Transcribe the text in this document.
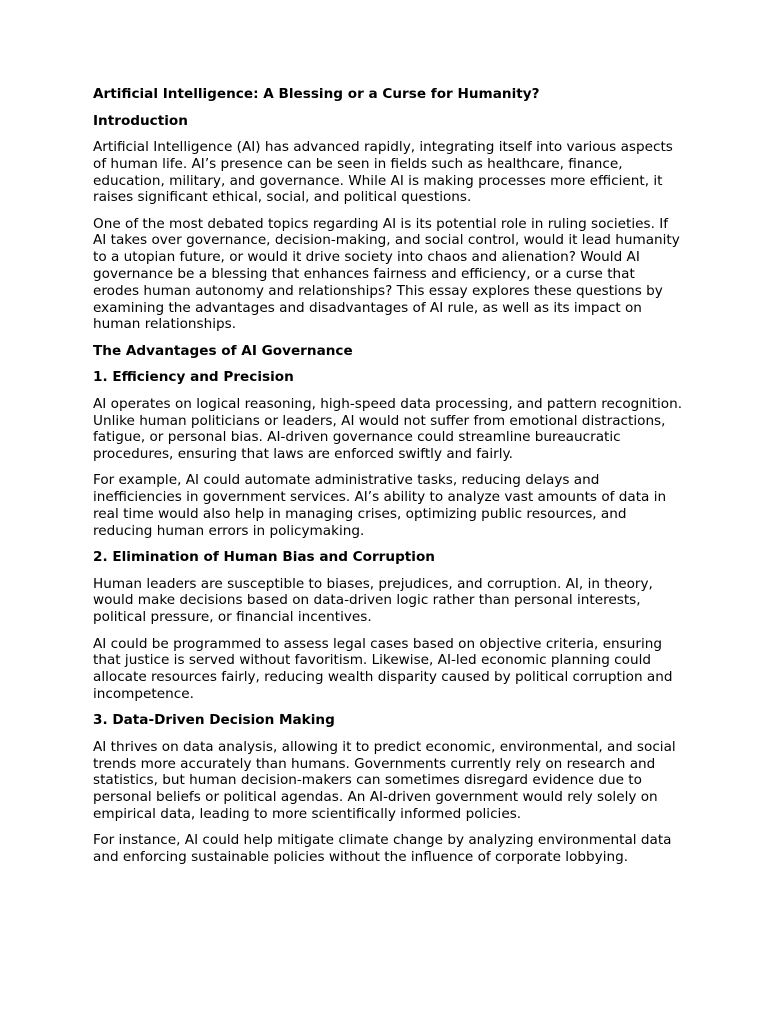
Artificial Intelligence: A Blessing or a Curse for Humanity?
Introduction

Artificial Intelligence (AI) has advanced rapidly, integrating itself into various aspects of human life. AI’s presence can be seen in fields such as healthcare, finance, education, military, and governance. While AI is making processes more efficient, it raises significant ethical, social, and political questions.

One of the most debated topics regarding AI is its potential role in ruling societies. If AI takes over governance, decision-making, and social control, would it lead humanity to a utopian future, or would it drive society into chaos and alienation? Would AI governance be a blessing that enhances fairness and efficiency, or a curse that erodes human autonomy and relationships? This essay explores these questions by examining the advantages and disadvantages of AI rule, as well as its impact on human relationships.

The Advantages of AI Governance
1. Efficiency and Precision

AI operates on logical reasoning, high-speed data processing, and pattern recognition. Unlike human politicians or leaders, AI would not suffer from emotional distractions, fatigue, or personal bias. AI-driven governance could streamline bureaucratic procedures, ensuring that laws are enforced swiftly and fairly.

For example, AI could automate administrative tasks, reducing delays and inefficiencies in government services. AI’s ability to analyze vast amounts of data in real time would also help in managing crises, optimizing public resources, and reducing human errors in policymaking.

2. Elimination of Human Bias and Corruption

Human leaders are susceptible to biases, prejudices, and corruption. AI, in theory, would make decisions based on data-driven logic rather than personal interests, political pressure, or financial incentives.

AI could be programmed to assess legal cases based on objective criteria, ensuring that justice is served without favoritism. Likewise, AI-led economic planning could allocate resources fairly, reducing wealth disparity caused by political corruption and incompetence.

3. Data-Driven Decision Making

AI thrives on data analysis, allowing it to predict economic, environmental, and social trends more accurately than humans. Governments currently rely on research and statistics, but human decision-makers can sometimes disregard evidence due to personal beliefs or political agendas. An AI-driven government would rely solely on empirical data, leading to more scientifically informed policies.

For instance, AI could help mitigate climate change by analyzing environmental data and enforcing sustainable policies without the influence of corporate lobbying.
